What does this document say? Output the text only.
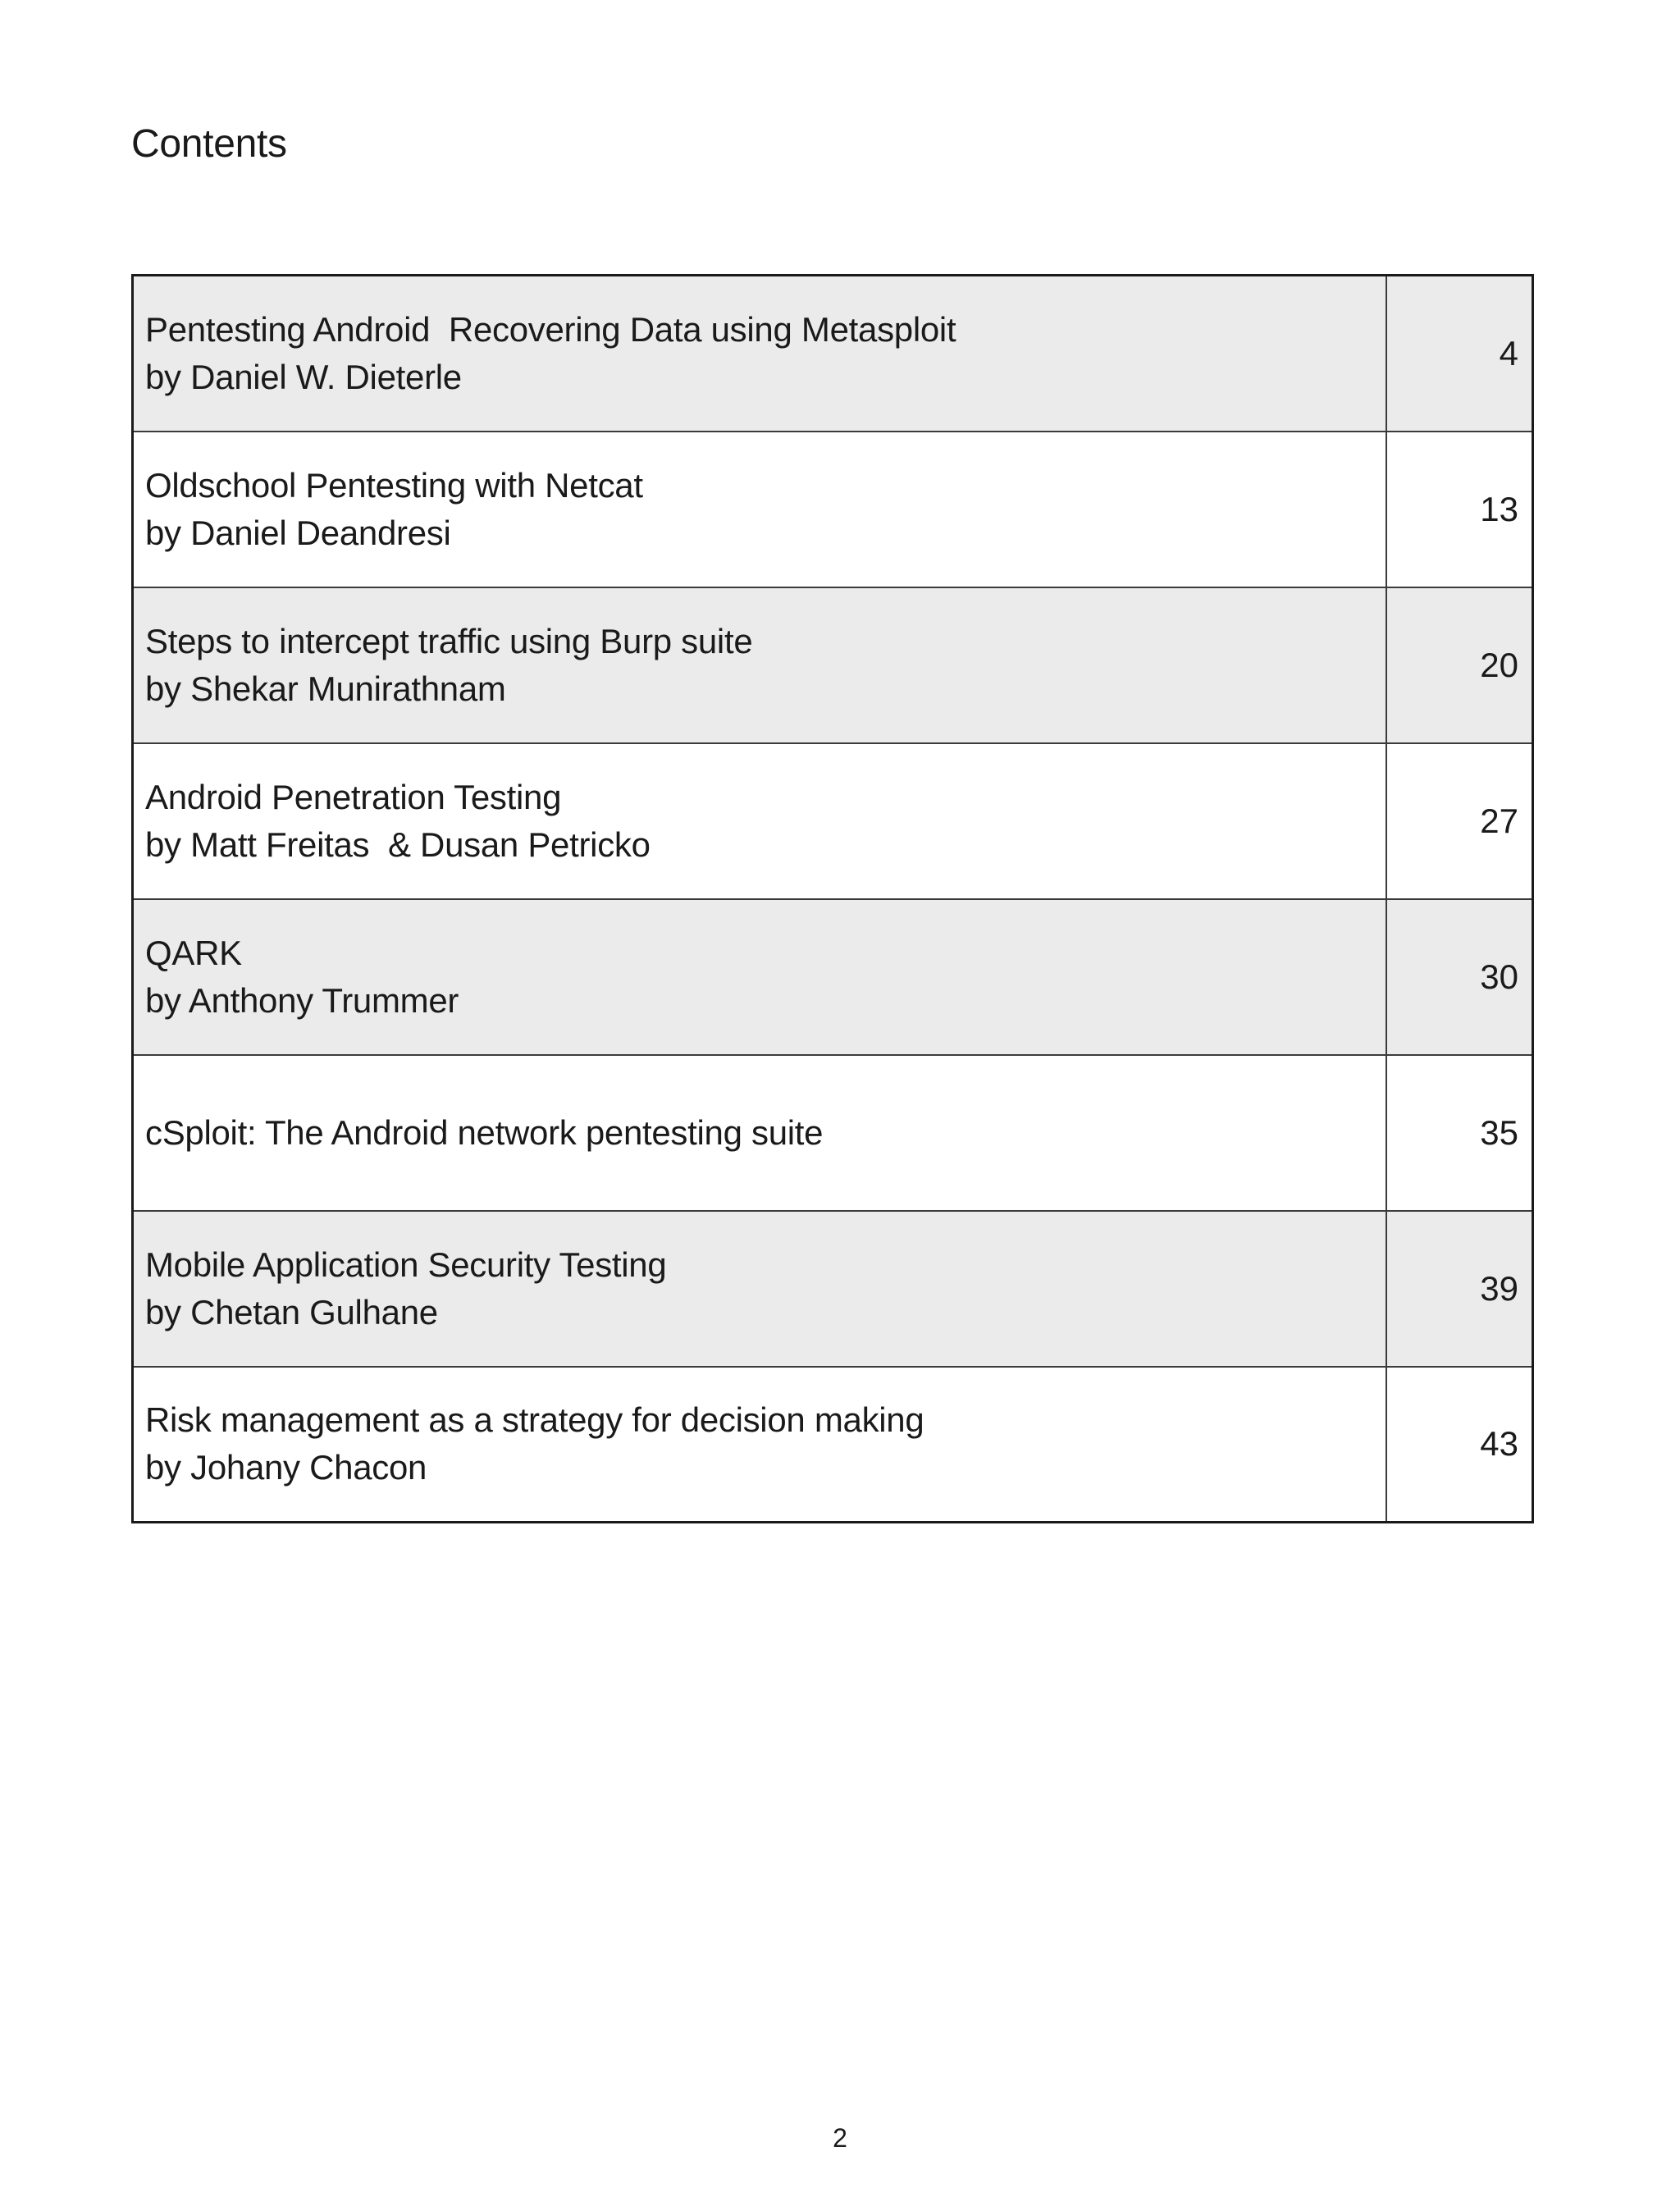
Contents
Pentesting Android  Recovering Data using Metasploit
by Daniel W. Dieterle	4

Oldschool Pentesting with Netcat
by Daniel Deandresi	13

Steps to intercept traffic using Burp suite
by Shekar Munirathnam	20

Android Penetration Testing
by Matt Freitas  & Dusan Petricko	27

QARK
by Anthony Trummer	30

cSploit: The Android network pentesting suite	35

Mobile Application Security Testing
by Chetan Gulhane	39

Risk management as a strategy for decision making
by Johany Chacon	43
2
